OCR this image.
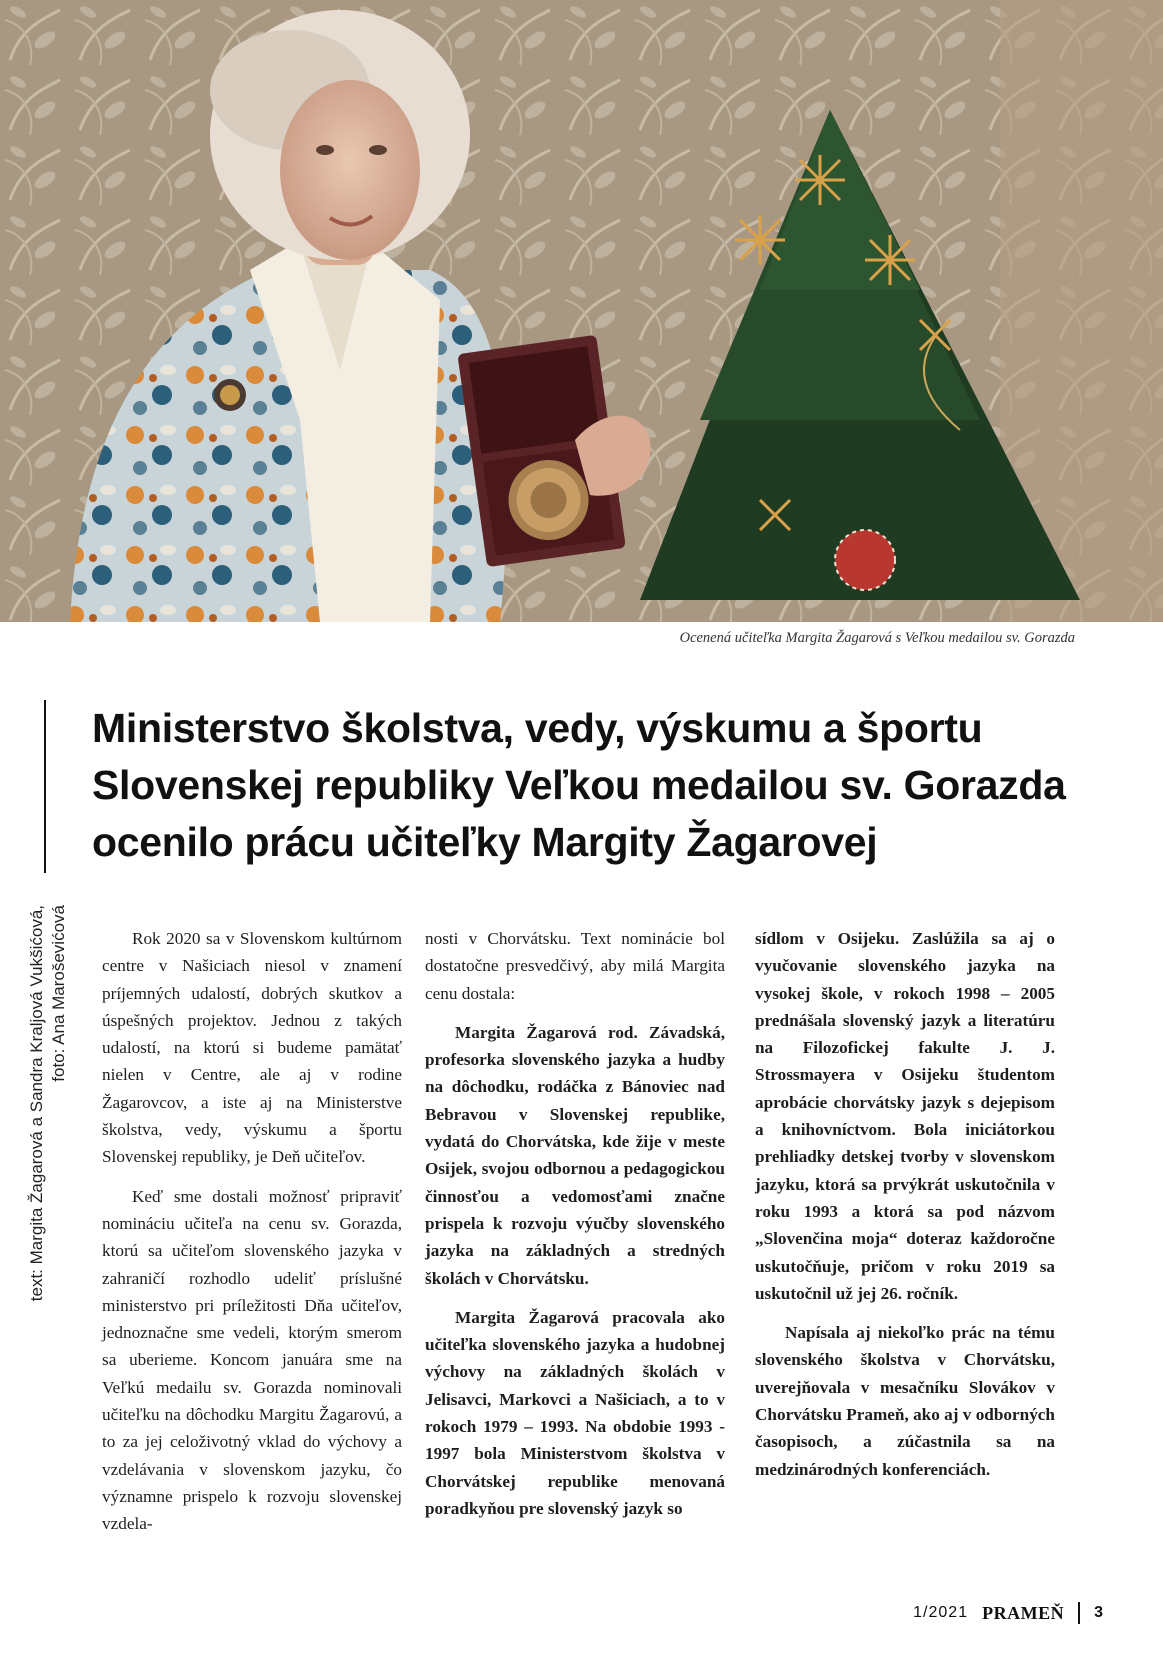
Ocenená učiteľka Margita Žagarová s Veľkou medailou sv. Gorazda
Ministerstvo školstva, vedy, výskumu a športu
Slovenskej republiky Veľkou medailou sv. Gorazda
ocenilo prácu učiteľky Margity Žagarovej
text: Margita Žagarová a Sandra Kraljová Vukšićová, foto: Ana Maroševićová	Rok 2020 sa v Slovenskom kultúrnom centre v Našiciach niesol v znamení príjemných udalostí, dobrých skutkov a úspešných projektov. Jednou z takých udalostí, na ktorú si budeme pamätať nielen v Centre, ale aj v rodine Žagarovcov, a iste aj na Ministerstve školstva, vedy, výskumu a športu Slovenskej republiky, je Deň učiteľov.

Keď sme dostali možnosť pripraviť nomináciu učiteľa na cenu sv. Gorazda, ktorú sa učiteľom slovenského jazyka v zahraničí rozhodlo udeliť príslušné ministerstvo pri príležitosti Dňa učiteľov, jednoznačne sme vedeli, ktorým smerom sa uberieme. Koncom januára sme na Veľkú medailu sv. Gorazda nominovali učiteľku na dôchodku Margitu Žagarovú, a to za jej celoživotný vklad do výchovy a vzdelávania v slovenskom jazyku, čo významne prispelo k rozvoju slovenskej vzdela-

nosti v Chorvátsku. Text nominácie bol dostatočne presvedčivý, aby milá Margita cenu dostala:

Margita Žagarová rod. Závadská, profesorka slovenského jazyka a hudby na dôchodku, rodáčka z Bánoviec nad Bebravou v Slovenskej republike, vydatá do Chorvátska, kde žije v meste Osijek, svojou odbornou a pedagogickou činnosťou a vedomosťami značne prispela k rozvoju výučby slovenského jazyka na základných a stredných školách v Chorvátsku.

Margita Žagarová pracovala ako učiteľka slovenského jazyka a hudobnej výchovy na základných školách v Jelisavci, Markovci a Našiciach, a to v rokoch 1979 – 1993. Na obdobie 1993 - 1997 bola Ministerstvom školstva v Chorvátskej republike menovaná poradkyňou pre slovenský jazyk so

sídlom v Osijeku. Zaslúžila sa aj o vyučovanie slovenského jazyka na vysokej škole, v rokoch 1998 – 2005 prednášala slovenský jazyk a literatúru na Filozofickej fakulte J. J. Strossmayera v Osijeku študentom aprobácie chorvátsky jazyk s dejepisom a knihovníctvom. Bola iniciátorkou prehliadky detskej tvorby v slovenskom jazyku, ktorá sa prvýkrát uskutočnila v roku 1993 a ktorá sa pod názvom „Slovenčina moja“ doteraz každoročne uskutočňuje, pričom v roku 2019 sa uskutočnil už jej 26. ročník.

Napísala aj niekoľko prác na tému slovenského školstva v Chorvátsku, uverejňovala v mesačníku Slovákov v Chorvátsku Prameň, ako aj v odborných časopisoch, a zúčastnila sa na medzinárodných konferenciách.

1/2021 PRAMEŇ 3
